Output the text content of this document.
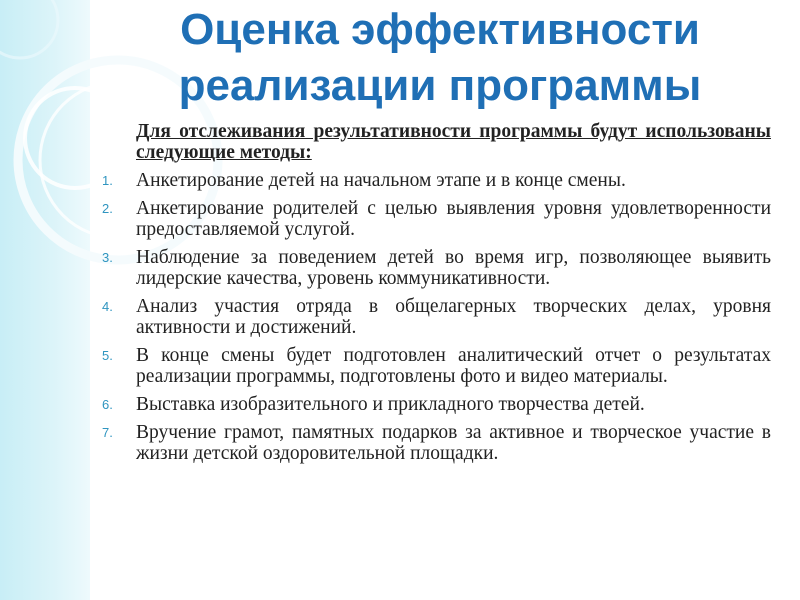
Оценка эффективности
реализации программы

Для отслеживания результативности программы будут использованы следующие методы:

1. Анкетирование детей на начальном этапе и в конце смены.
2. Анкетирование родителей с целью выявления уровня удовлетворенности предоставляемой услугой.
3. Наблюдение за поведением детей во время игр, позволяющее выявить лидерские качества, уровень коммуникативности.
4. Анализ участия отряда в общелагерных творческих делах, уровня активности и достижений.
5. В конце смены будет подготовлен аналитический отчет о результатах реализации программы, подготовлены фото и видео материалы.
6. Выставка изобразительного и прикладного творчества детей.
7. Вручение грамот, памятных подарков за активное и творческое участие в жизни детской оздоровительной площадки.
